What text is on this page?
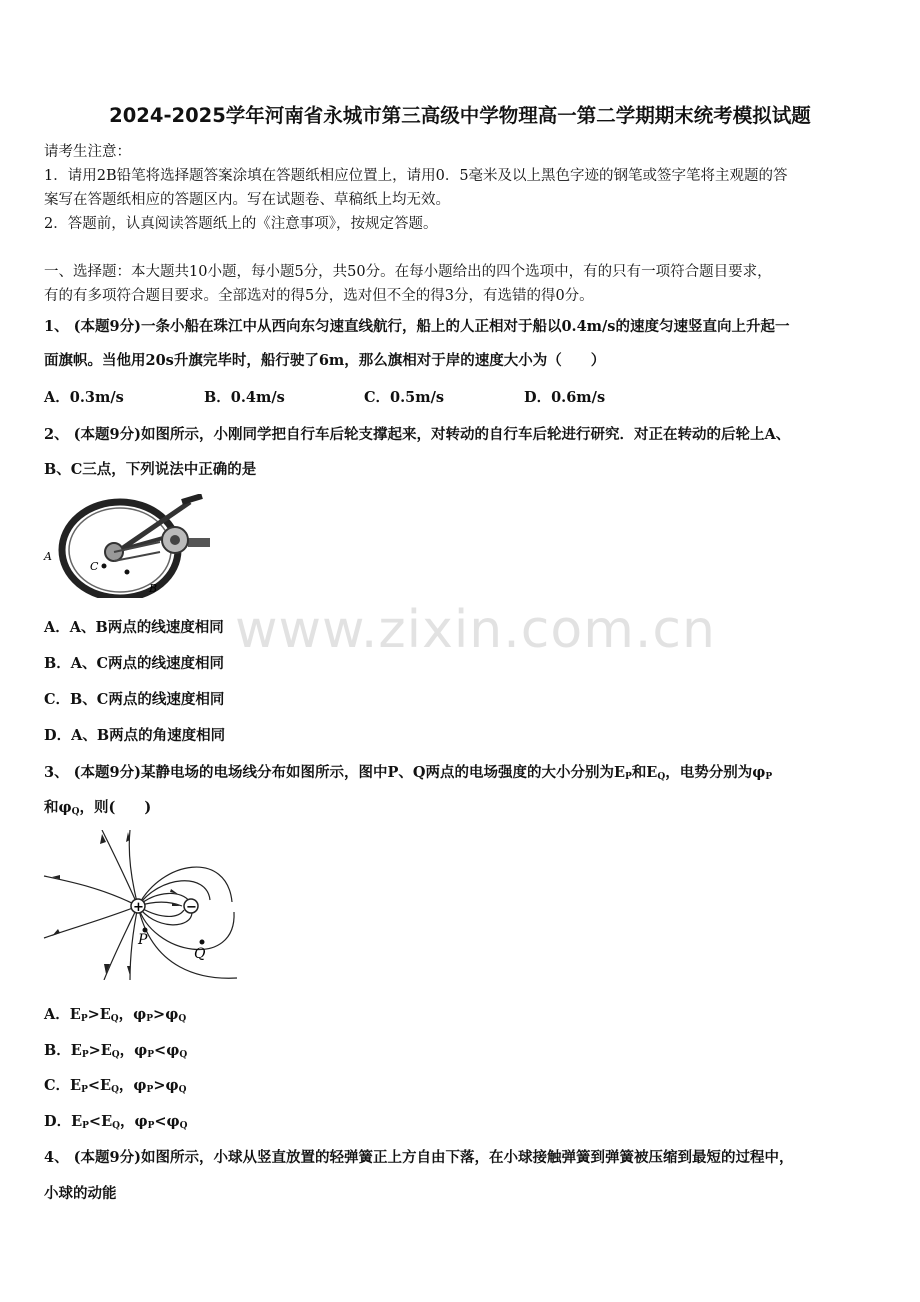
2024-2025学年河南省永城市第三高级中学物理高一第二学期期末统考模拟试题
请考生注意：
1．请用2B铅笔将选择题答案涂填在答题纸相应位置上，请用0．5毫米及以上黑色字迹的钢笔或签字笔将主观题的答
案写在答题纸相应的答题区内。写在试题卷、草稿纸上均无效。
2．答题前，认真阅读答题纸上的《注意事项》，按规定答题。
一、选择题：本大题共10小题，每小题5分，共50分。在每小题给出的四个选项中，有的只有一项符合题目要求，
有的有多项符合题目要求。全部选对的得5分，选对但不全的得3分，有选错的得0分。
1、 (本题9分)一条小船在珠江中从西向东匀速直线航行，船上的人正相对于船以0.4m/s的速度匀速竖直向上升起一
面旗帜。当他用20s升旗完毕时，船行驶了6m，那么旗相对于岸的速度大小为（　　）
A．0.3m/s	B．0.4m/s	C．0.5m/s	D．0.6m/s
2、 (本题9分)如图所示，小刚同学把自行车后轮支撑起来，对转动的自行车后轮进行研究．对正在转动的后轮上A、
B、C三点，下列说法中正确的是
A
C
B
A．A、B两点的线速度相同
B．A、C两点的线速度相同
C．B、C两点的线速度相同
D．A、B两点的角速度相同
www.zixin.com.cn
3、 (本题9分)某静电场的电场线分布如图所示，图中P、Q两点的电场强度的大小分别为$E_P$和$E_Q$，电势分别为$\varphi_P$
和$\varphi_Q$，则(　　)
+	−
P
Q
A．$E_P>E_Q$，$\varphi_P>\varphi_Q$
B．$E_P>E_Q$，$\varphi_P<\varphi_Q$
C．$E_P<E_Q$，$\varphi_P>\varphi_Q$
D．$E_P<E_Q$，$\varphi_P<\varphi_Q$
4、 (本题9分)如图所示，小球从竖直放置的轻弹簧正上方自由下落，在小球接触弹簧到弹簧被压缩到最短的过程中，
小球的动能
